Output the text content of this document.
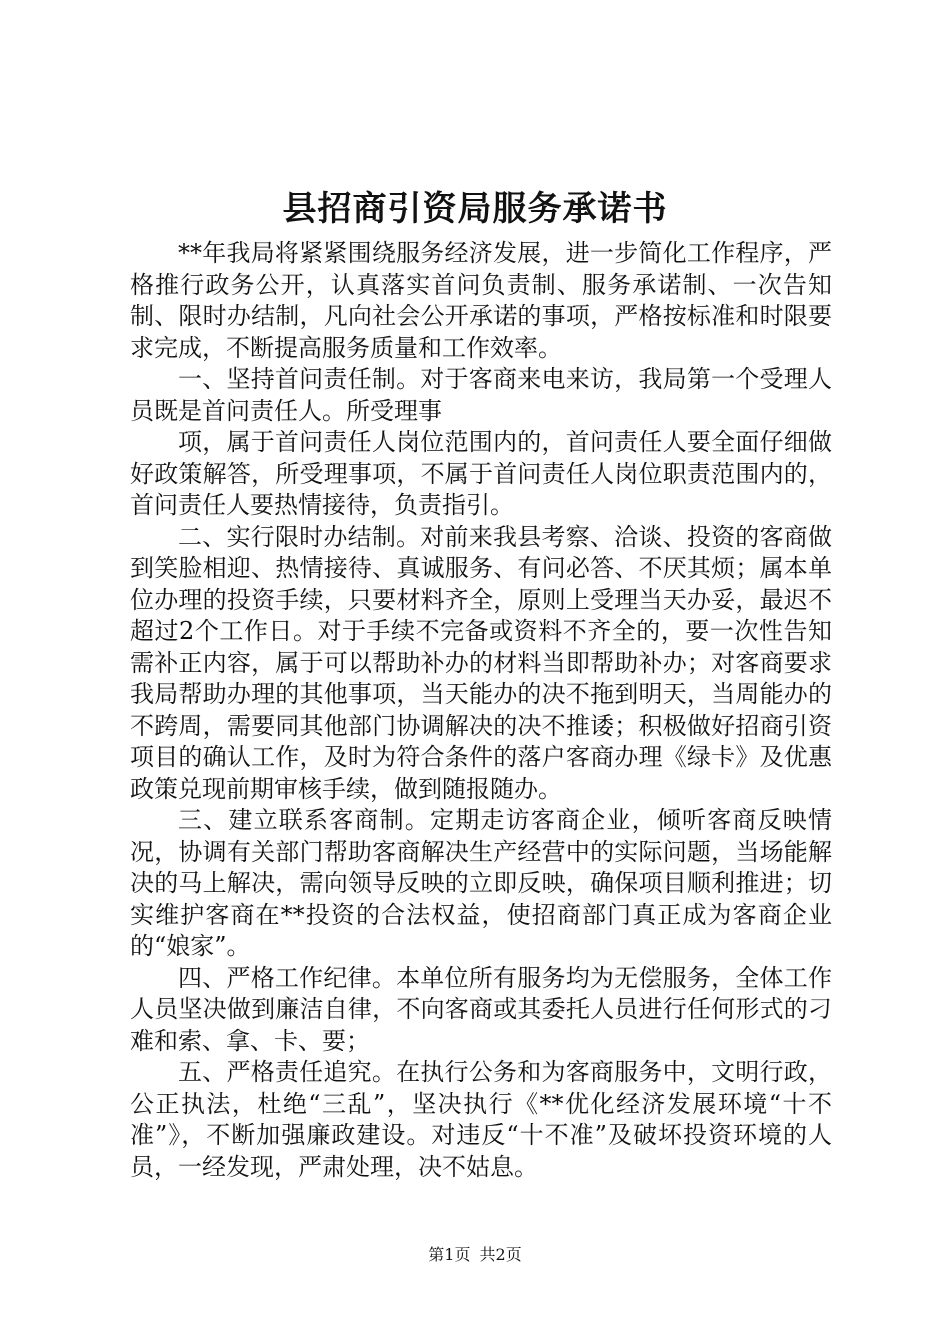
县招商引资局服务承诺书

**年我局将紧紧围绕服务经济发展，进一步简化工作程序，严格推行政务公开，认真落实首问负责制、服务承诺制、一次告知制、限时办结制，凡向社会公开承诺的事项，严格按标准和时限要求完成，不断提高服务质量和工作效率。

一、坚持首问责任制。对于客商来电来访，我局第一个受理人员既是首问责任人。所受理事

项，属于首问责任人岗位范围内的，首问责任人要全面仔细做好政策解答，所受理事项，不属于首问责任人岗位职责范围内的，首问责任人要热情接待，负责指引。

二、实行限时办结制。对前来我县考察、洽谈、投资的客商做到笑脸相迎、热情接待、真诚服务、有问必答、不厌其烦；属本单位办理的投资手续，只要材料齐全，原则上受理当天办妥，最迟不超过2个工作日。对于手续不完备或资料不齐全的，要一次性告知需补正内容，属于可以帮助补办的材料当即帮助补办；对客商要求我局帮助办理的其他事项，当天能办的决不拖到明天，当周能办的不跨周，需要同其他部门协调解决的决不推诿；积极做好招商引资项目的确认工作，及时为符合条件的落户客商办理《绿卡》及优惠政策兑现前期审核手续，做到随报随办。

三、建立联系客商制。定期走访客商企业，倾听客商反映情况，协调有关部门帮助客商解决生产经营中的实际问题，当场能解决的马上解决，需向领导反映的立即反映，确保项目顺利推进；切实维护客商在**投资的合法权益，使招商部门真正成为客商企业的“娘家”。

四、严格工作纪律。本单位所有服务均为无偿服务，全体工作人员坚决做到廉洁自律，不向客商或其委托人员进行任何形式的刁难和索、拿、卡、要；

五、严格责任追究。在执行公务和为客商服务中，文明行政，公正执法，杜绝“三乱”，坚决执行《**优化经济发展环境“十不准”》，不断加强廉政建设。对违反“十不准”及破坏投资环境的人员，一经发现，严肃处理，决不姑息。

第1页 共2页
